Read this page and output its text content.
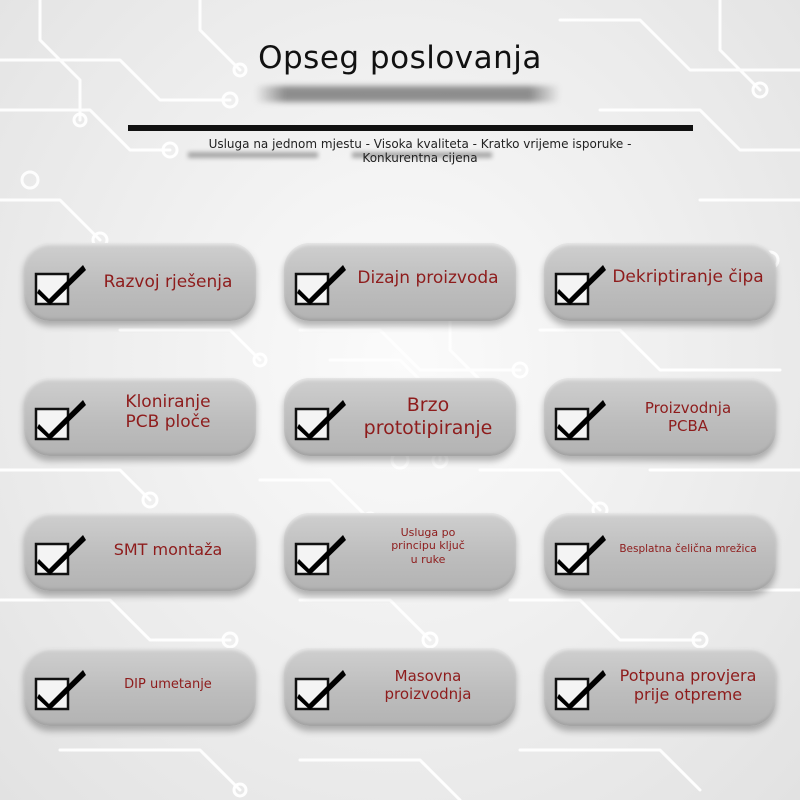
Opseg poslovanja
Usluga na jednom mjestu - Visoka kvaliteta - Kratko vrijeme isporuke - Konkurentna cijena
Razvoj rješenja	Dizajn proizvoda	Dekriptiranje čipa
Kloniranje PCB ploče
Brzo prototipiranje
Proizvodnja PCBA
SMT montaža
Usluga po principu ključ u ruke
Besplatna čelična mrežica
DIP umetanje	Masovna proizvodnja
Potpuna provjera prije otpreme
